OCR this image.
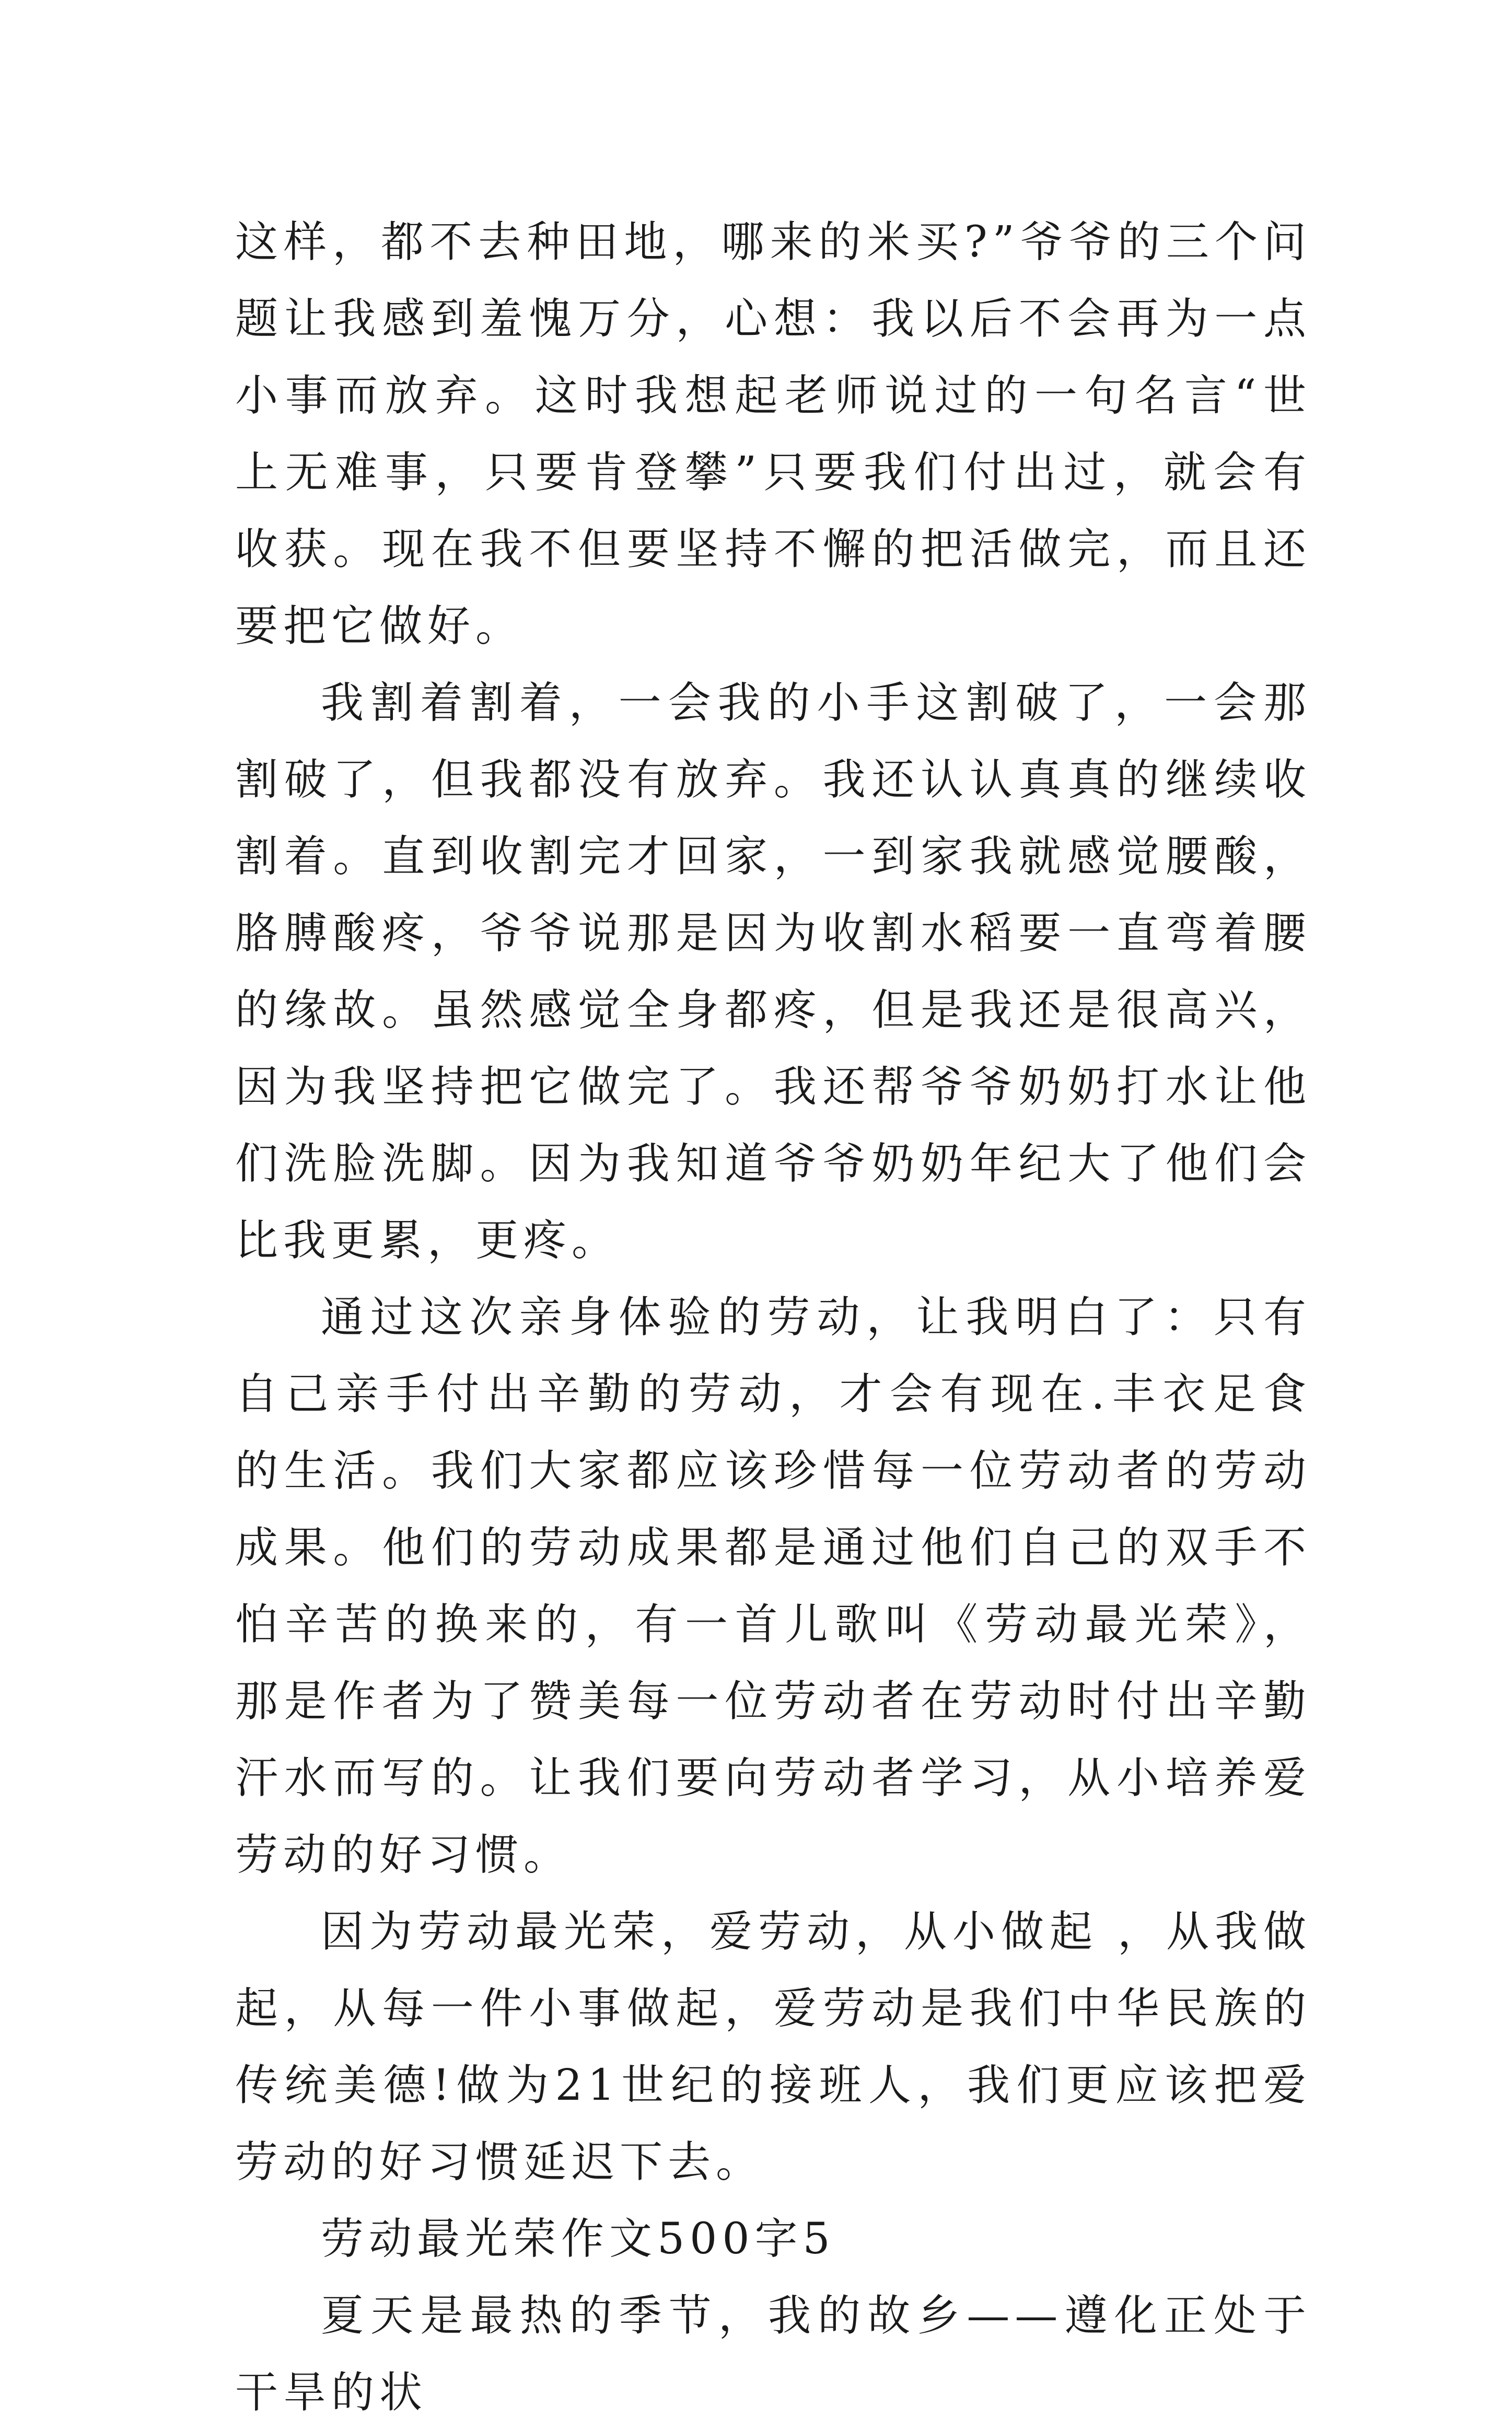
这样，都不去种田地，哪来的米买?”爷爷的三个问题让我感到羞愧万分，心想：我以后不会再为一点小事而放弃。这时我想起老师说过的一句名言“世上无难事，只要肯登攀”只要我们付出过，就会有收获。现在我不但要坚持不懈的把活做完，而且还要把它做好。

我割着割着，一会我的小手这割破了，一会那割破了，但我都没有放弃。我还认认真真的继续收割着。直到收割完才回家，一到家我就感觉腰酸，胳膊酸疼，爷爷说那是因为收割水稻要一直弯着腰的缘故。虽然感觉全身都疼，但是我还是很高兴，因为我坚持把它做完了。我还帮爷爷奶奶打水让他们洗脸洗脚。因为我知道爷爷奶奶年纪大了他们会比我更累，更疼。

通过这次亲身体验的劳动，让我明白了：只有自己亲手付出辛勤的劳动，才会有现在.丰衣足食的生活。我们大家都应该珍惜每一位劳动者的劳动成果。他们的劳动成果都是通过他们自己的双手不怕辛苦的换来的，有一首儿歌叫《劳动最光荣》，那是作者为了赞美每一位劳动者在劳动时付出辛勤汗水而写的。让我们要向劳动者学习，从小培养爱劳动的好习惯。

因为劳动最光荣，爱劳动，从小做起 ，从我做起，从每一件小事做起，爱劳动是我们中华民族的传统美德!做为21世纪的接班人，我们更应该把爱劳动的好习惯延迟下去。

劳动最光荣作文500字5

夏天是最热的季节，我的故乡——遵化正处于干旱的状
